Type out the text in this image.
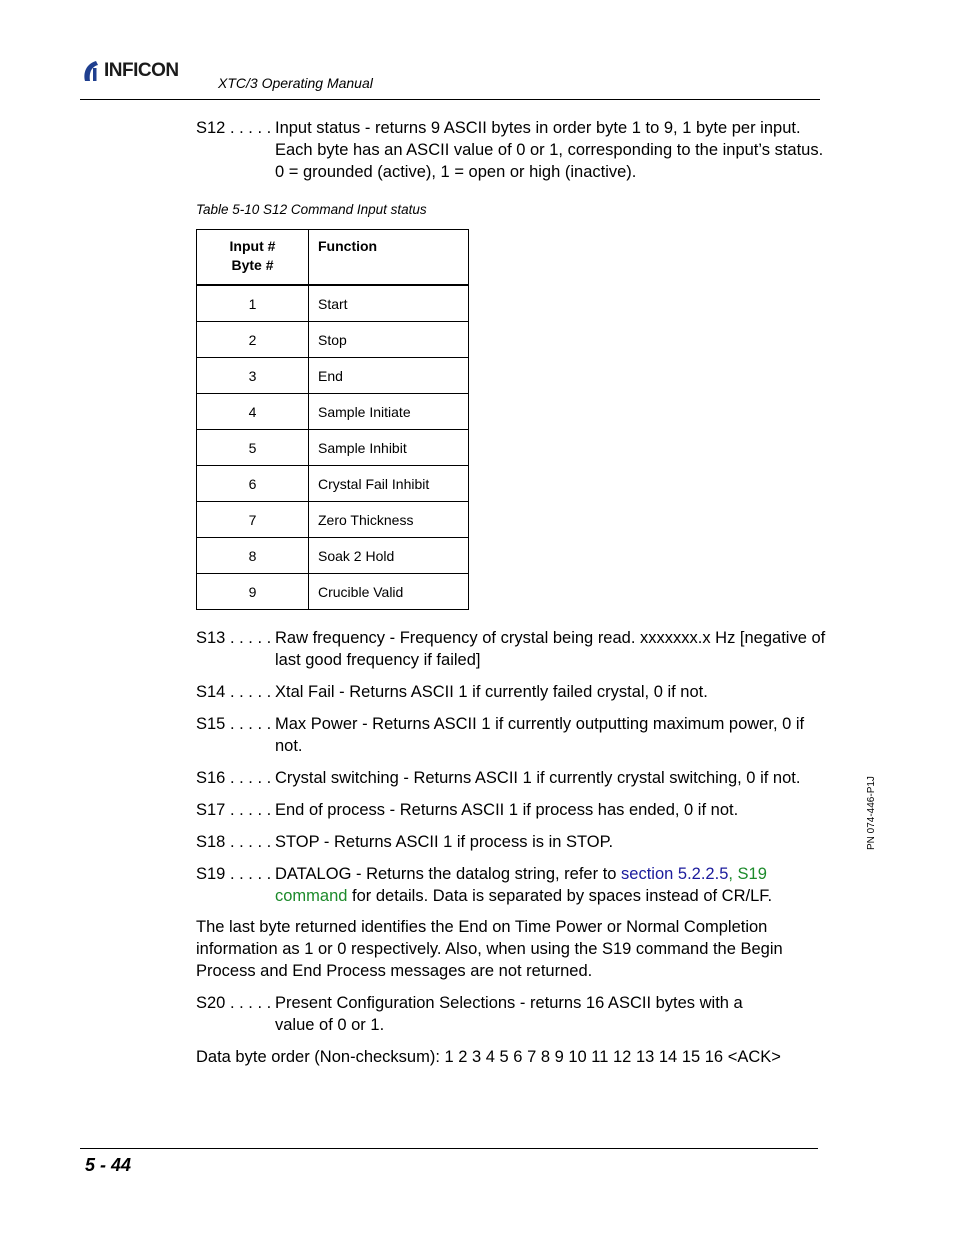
INFICON
XTC/3 Operating Manual
S12 . . . . . Input status - returns 9 ASCII bytes in order byte 1 to 9, 1 byte per input. Each byte has an ASCII value of 0 or 1, corresponding to the input’s status. 0 = grounded (active), 1 = open or high (inactive).
Table 5-10 S12 Command Input status
Input #
Byte #	Function

1	Start
2	Stop
3	End
4	Sample Initiate
5	Sample Inhibit
6	Crystal Fail Inhibit
7	Zero Thickness
8	Soak 2 Hold
9	Crucible Valid
S13 . . . . . Raw frequency - Frequency of crystal being read. xxxxxxx.x Hz [negative of last good frequency if failed]
S14 . . . . . Xtal Fail - Returns ASCII 1 if currently failed crystal, 0 if not.
S15 . . . . . Max Power - Returns ASCII 1 if currently outputting maximum power, 0 if not.
S16 . . . . . Crystal switching - Returns ASCII 1 if currently crystal switching, 0 if not.
S17 . . . . . End of process - Returns ASCII 1 if process has ended, 0 if not.
S18 . . . . . STOP - Returns ASCII 1 if process is in STOP.
S19 . . . . . DATALOG - Returns the datalog string, refer to section 5.2.2.5, S19 command for details. Data is separated by spaces instead of CR/LF.
The last byte returned identifies the End on Time Power or Normal Completion information as 1 or 0 respectively. Also, when using the S19 command the Begin Process and End Process messages are not returned.
S20 . . . . . Present Configuration Selections - returns 16 ASCII bytes with a value of 0 or 1.
Data byte order (Non-checksum): 1 2 3 4 5 6 7 8 9 10 11 12 13 14 15 16 <ACK>
PN 074-446-P1J
5 - 44
